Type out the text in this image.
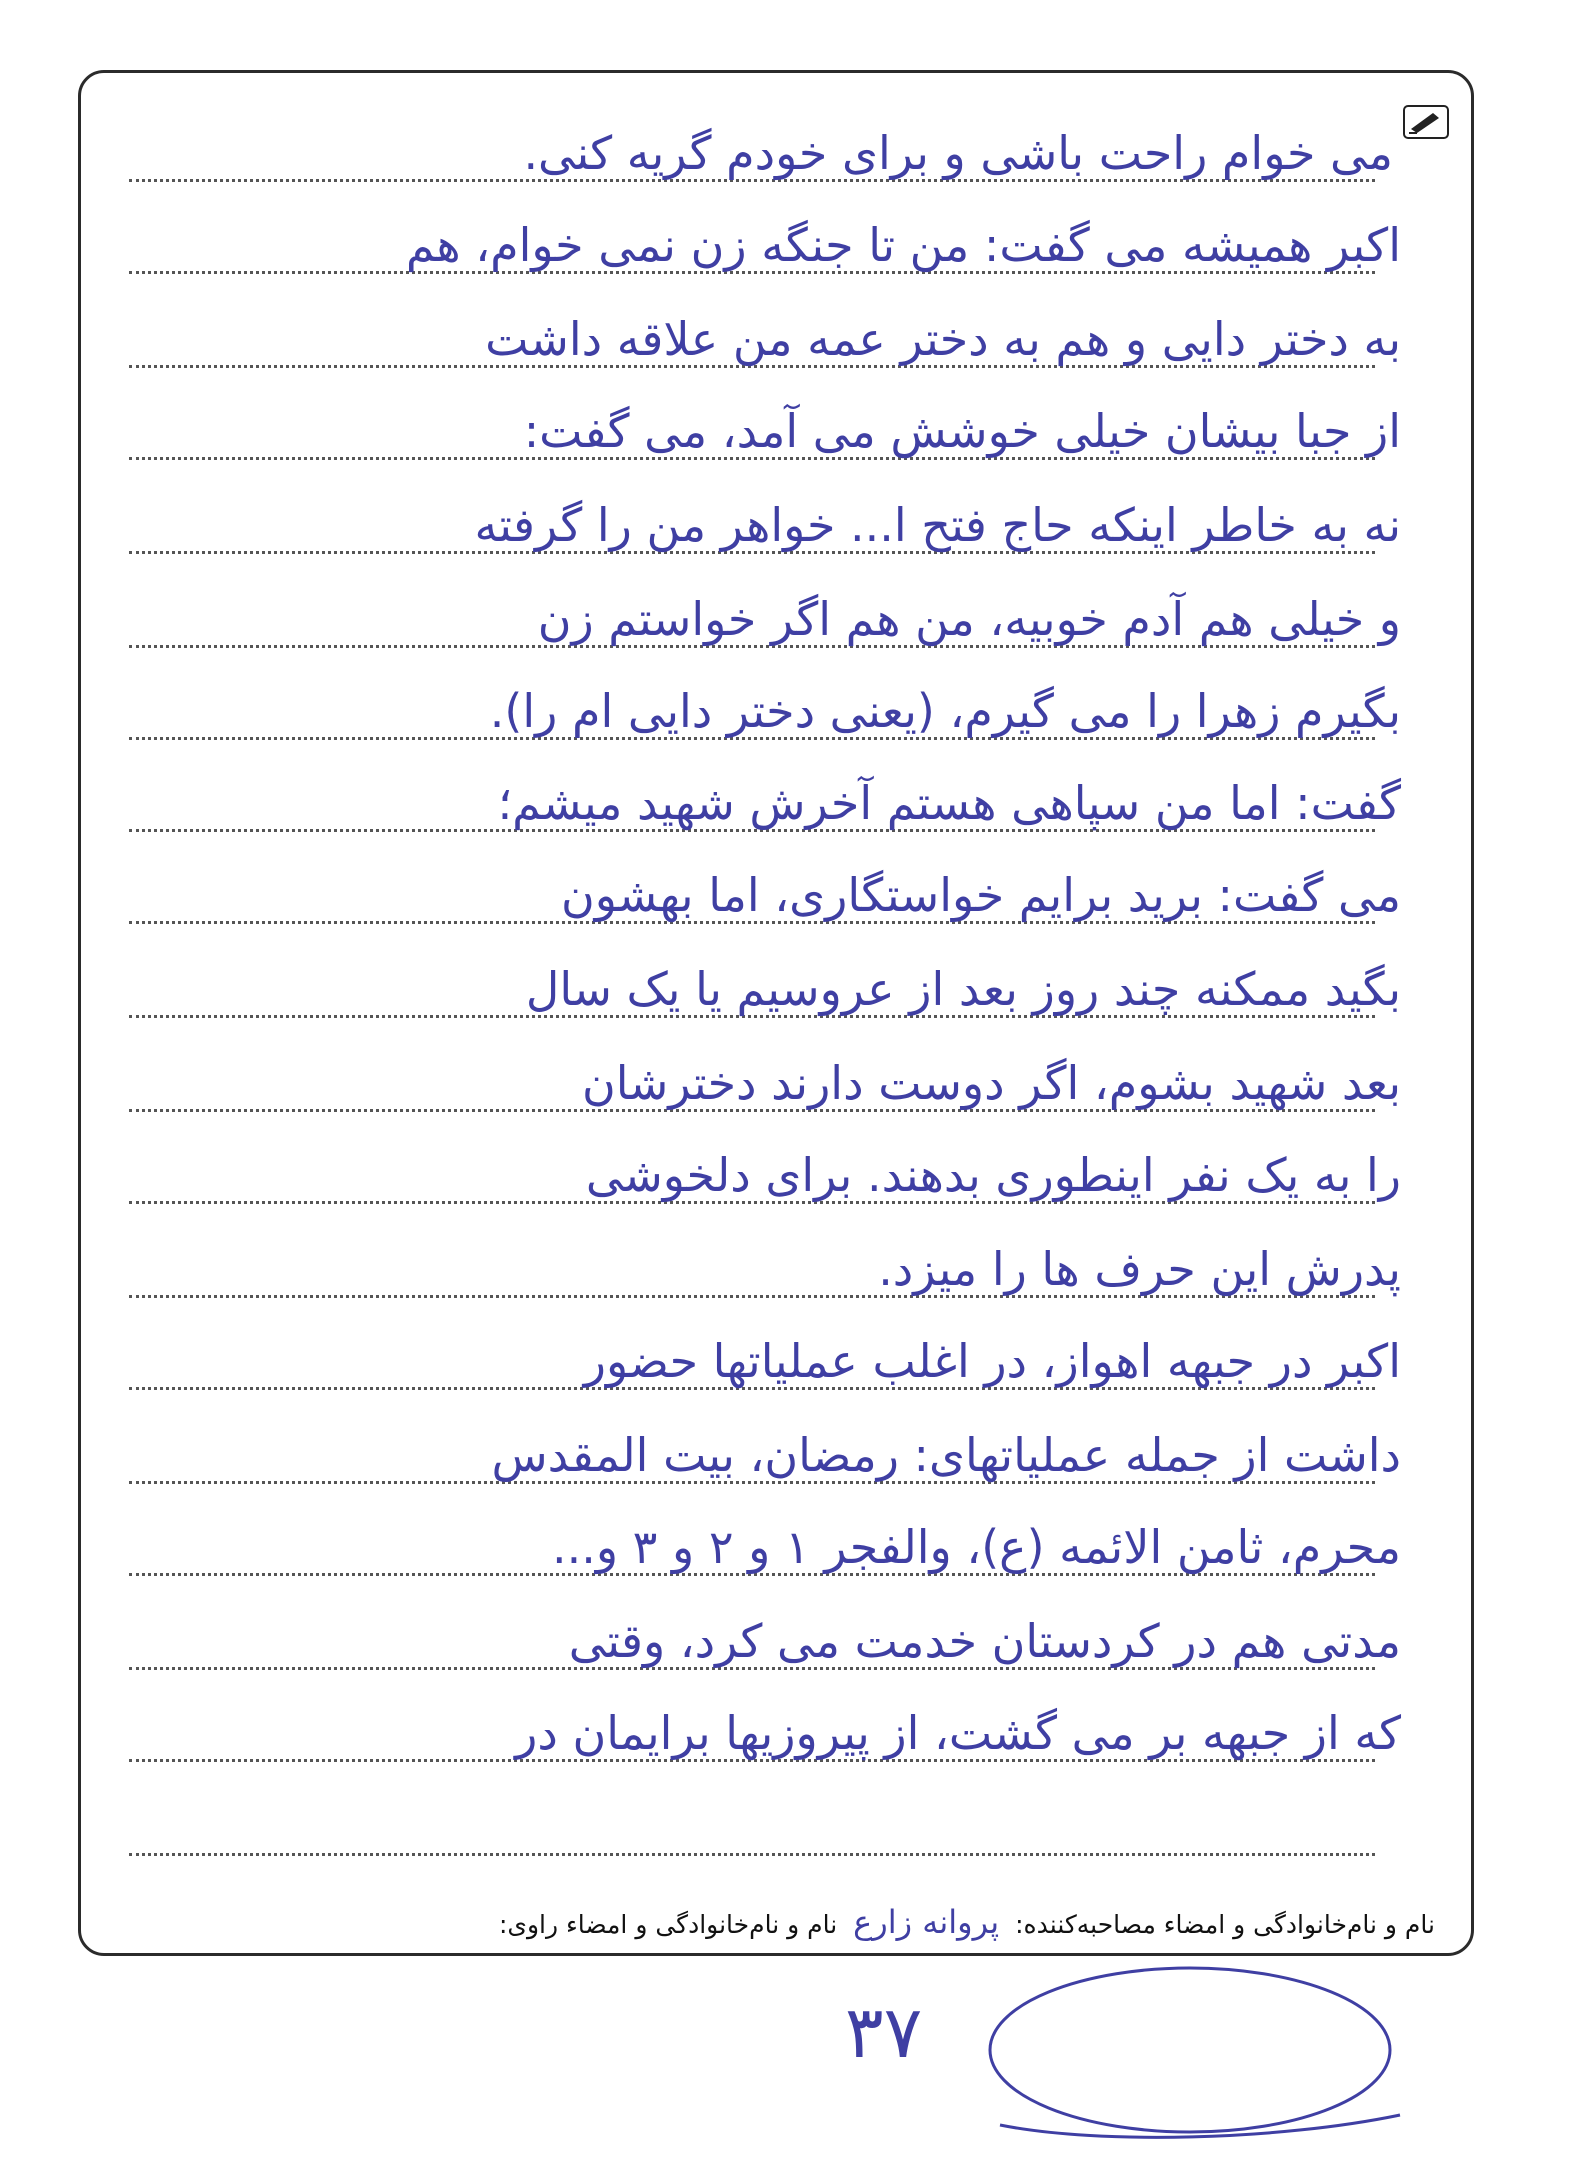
می خوام راحت باشی و برای خودم گریه کنی.
اکبر همیشه می گفت: من تا جنگه زن نمی خوام، هم
به دختر دایی و هم به دختر عمه من علاقه داشت
از جبا بیشان خیلی خوشش می آمد، می گفت:
نه به خاطر اینکه حاج فتح ا... خواهر من را گرفته
و خیلی هم آدم خوبیه، من هم اگر خواستم زن
بگیرم زهرا را می گیرم، (یعنی دختر دایی ام را).
گفت: اما من سپاهی هستم آخرش شهید میشم؛
می گفت: برید برایم خواستگاری، اما بهشون
بگید ممکنه چند روز بعد از عروسیم یا یک سال
بعد شهید بشوم، اگر دوست دارند دخترشان
را به یک نفر اینطوری بدهند. برای دلخوشی
پدرش این حرف ها را میزد.
اکبر در جبهه اهواز، در اغلب عملیاتها حضور
داشت از جمله عملیاتهای: رمضان، بیت المقدس
محرم، ثامن الائمه (ع)، والفجر ۱ و ۲ و ۳ و...
مدتی هم در کردستان خدمت می کرد، وقتی
که از جبهه بر می گشت، از پیروزیها برایمان در
نام و نام‌خانوادگی و امضاء مصاحبه‌کننده: پروانه زارع نام و نام‌خانوادگی و امضاء راوی:
۳۷
